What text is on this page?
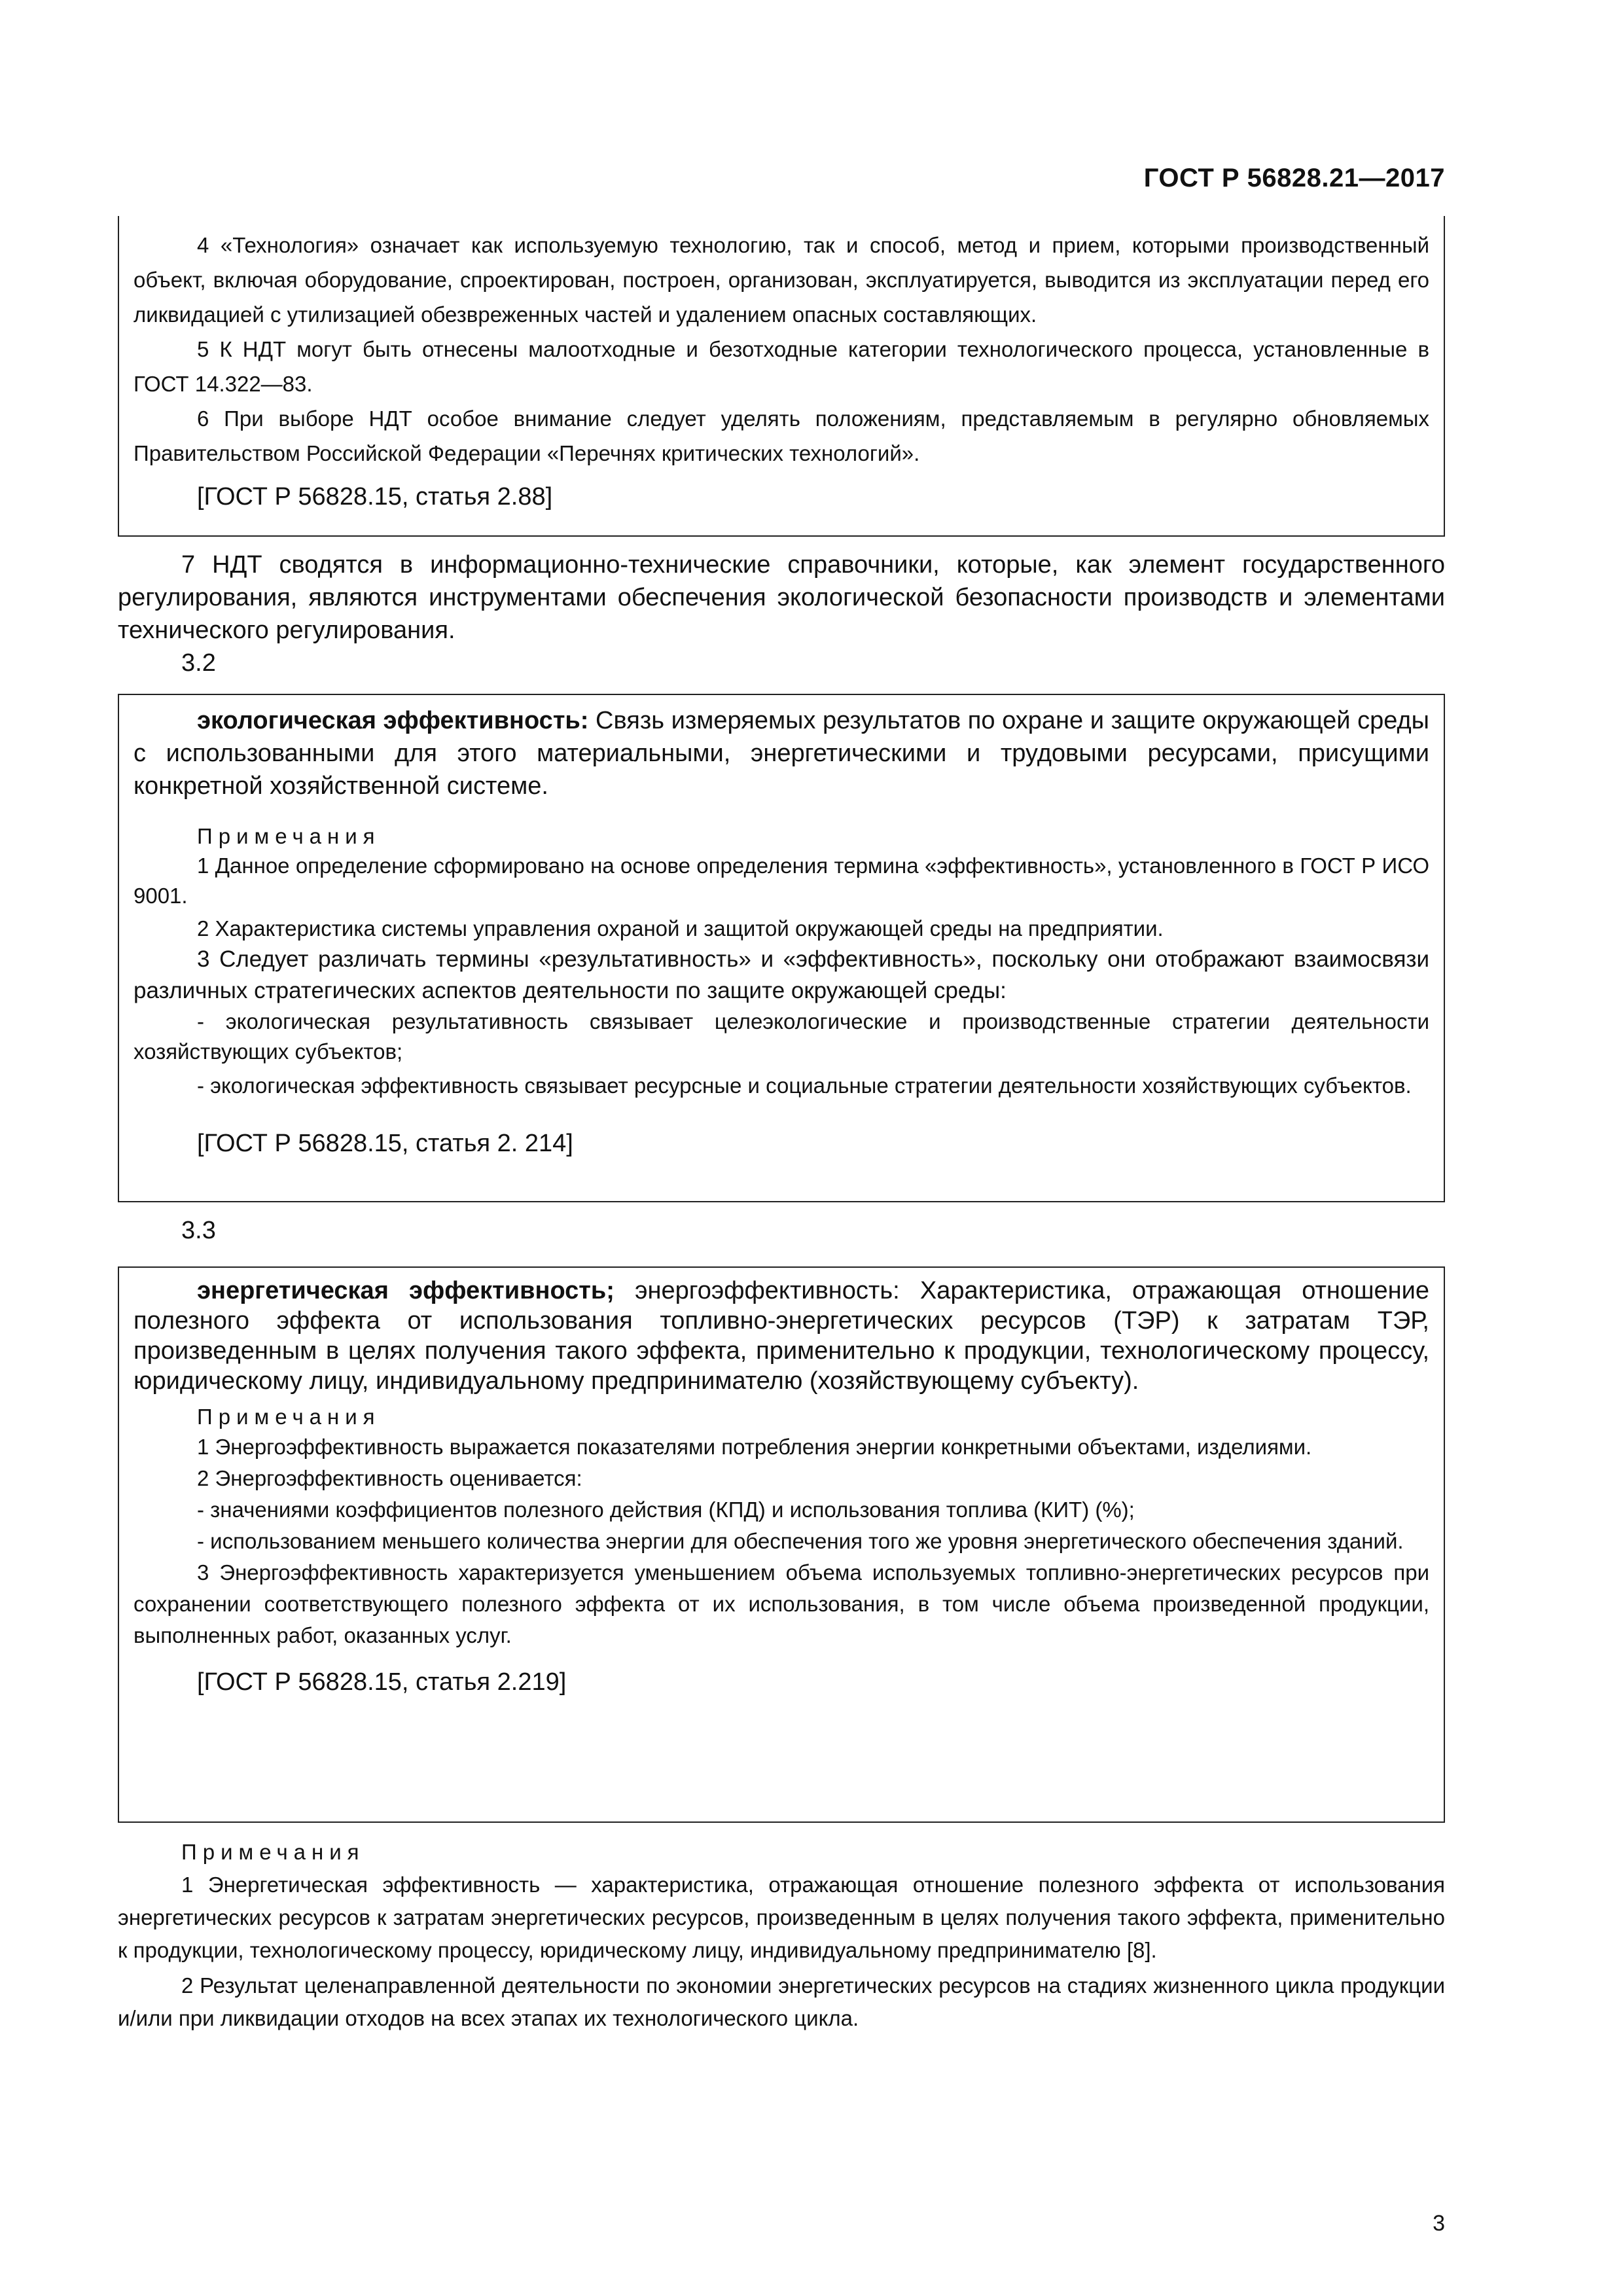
ГОСТ Р 56828.21—2017

4 «Технология» означает как используемую технологию, так и способ, метод и прием, которыми производственный объект, включая оборудование, спроектирован, построен, организован, эксплуатируется, выводится из эксплуатации перед его ликвидацией с утилизацией обезвреженных частей и удалением опасных составляющих.

5 К НДТ могут быть отнесены малоотходные и безотходные категории технологического процесса, установленные в ГОСТ 14.322—83.

6 При выборе НДТ особое внимание следует уделять положениям, представляемым в регулярно обновляемых Правительством Российской Федерации «Перечнях критических технологий».

[ГОСТ Р 56828.15, статья 2.88]

7 НДТ сводятся в информационно-технические справочники, которые, как элемент государственного регулирования, являются инструментами обеспечения экологической безопасности производств и элементами технического регулирования.

3.2

экологическая эффективность: Связь измеряемых результатов по охране и защите окружающей среды с использованными для этого материальными, энергетическими и трудовыми ресурсами, присущими конкретной хозяйственной системе.

Примечания

1 Данное определение сформировано на основе определения термина «эффективность», установленного в ГОСТ Р ИСО 9001.

2 Характеристика системы управления охраной и защитой окружающей среды на предприятии.

3 Следует различать термины «результативность» и «эффективность», поскольку они отображают взаимосвязи различных стратегических аспектов деятельности по защите окружающей среды:

- экологическая результативность связывает целеэкологические и производственные стратегии деятельности хозяйствующих субъектов;

- экологическая эффективность связывает ресурсные и социальные стратегии деятельности хозяйствующих субъектов.

[ГОСТ Р 56828.15, статья 2. 214]

3.3

энергетическая эффективность; энергоэффективность: Характеристика, отражающая отношение полезного эффекта от использования топливно-энергетических ресурсов (ТЭР) к затратам ТЭР, произведенным в целях получения такого эффекта, применительно к продукции, технологическому процессу, юридическому лицу, индивидуальному предпринимателю (хозяйствующему субъекту).

Примечания

1 Энергоэффективность выражается показателями потребления энергии конкретными объектами, изделиями.

2 Энергоэффективность оценивается:

- значениями коэффициентов полезного действия (КПД) и использования топлива (КИТ) (%);

- использованием меньшего количества энергии для обеспечения того же уровня энергетического обеспечения зданий.

3 Энергоэффективность характеризуется уменьшением объема используемых топливно-энергетических ресурсов при сохранении соответствующего полезного эффекта от их использования, в том числе объема произведенной продукции, выполненных работ, оказанных услуг.

[ГОСТ Р 56828.15, статья 2.219]

Примечания

1 Энергетическая эффективность — характеристика, отражающая отношение полезного эффекта от использования энергетических ресурсов к затратам энергетических ресурсов, произведенным в целях получения такого эффекта, применительно к продукции, технологическому процессу, юридическому лицу, индивидуальному предпринимателю [8].

2 Результат целенаправленной деятельности по экономии энергетических ресурсов на стадиях жизненного цикла продукции и/или при ликвидации отходов на всех этапах их технологического цикла.

3
